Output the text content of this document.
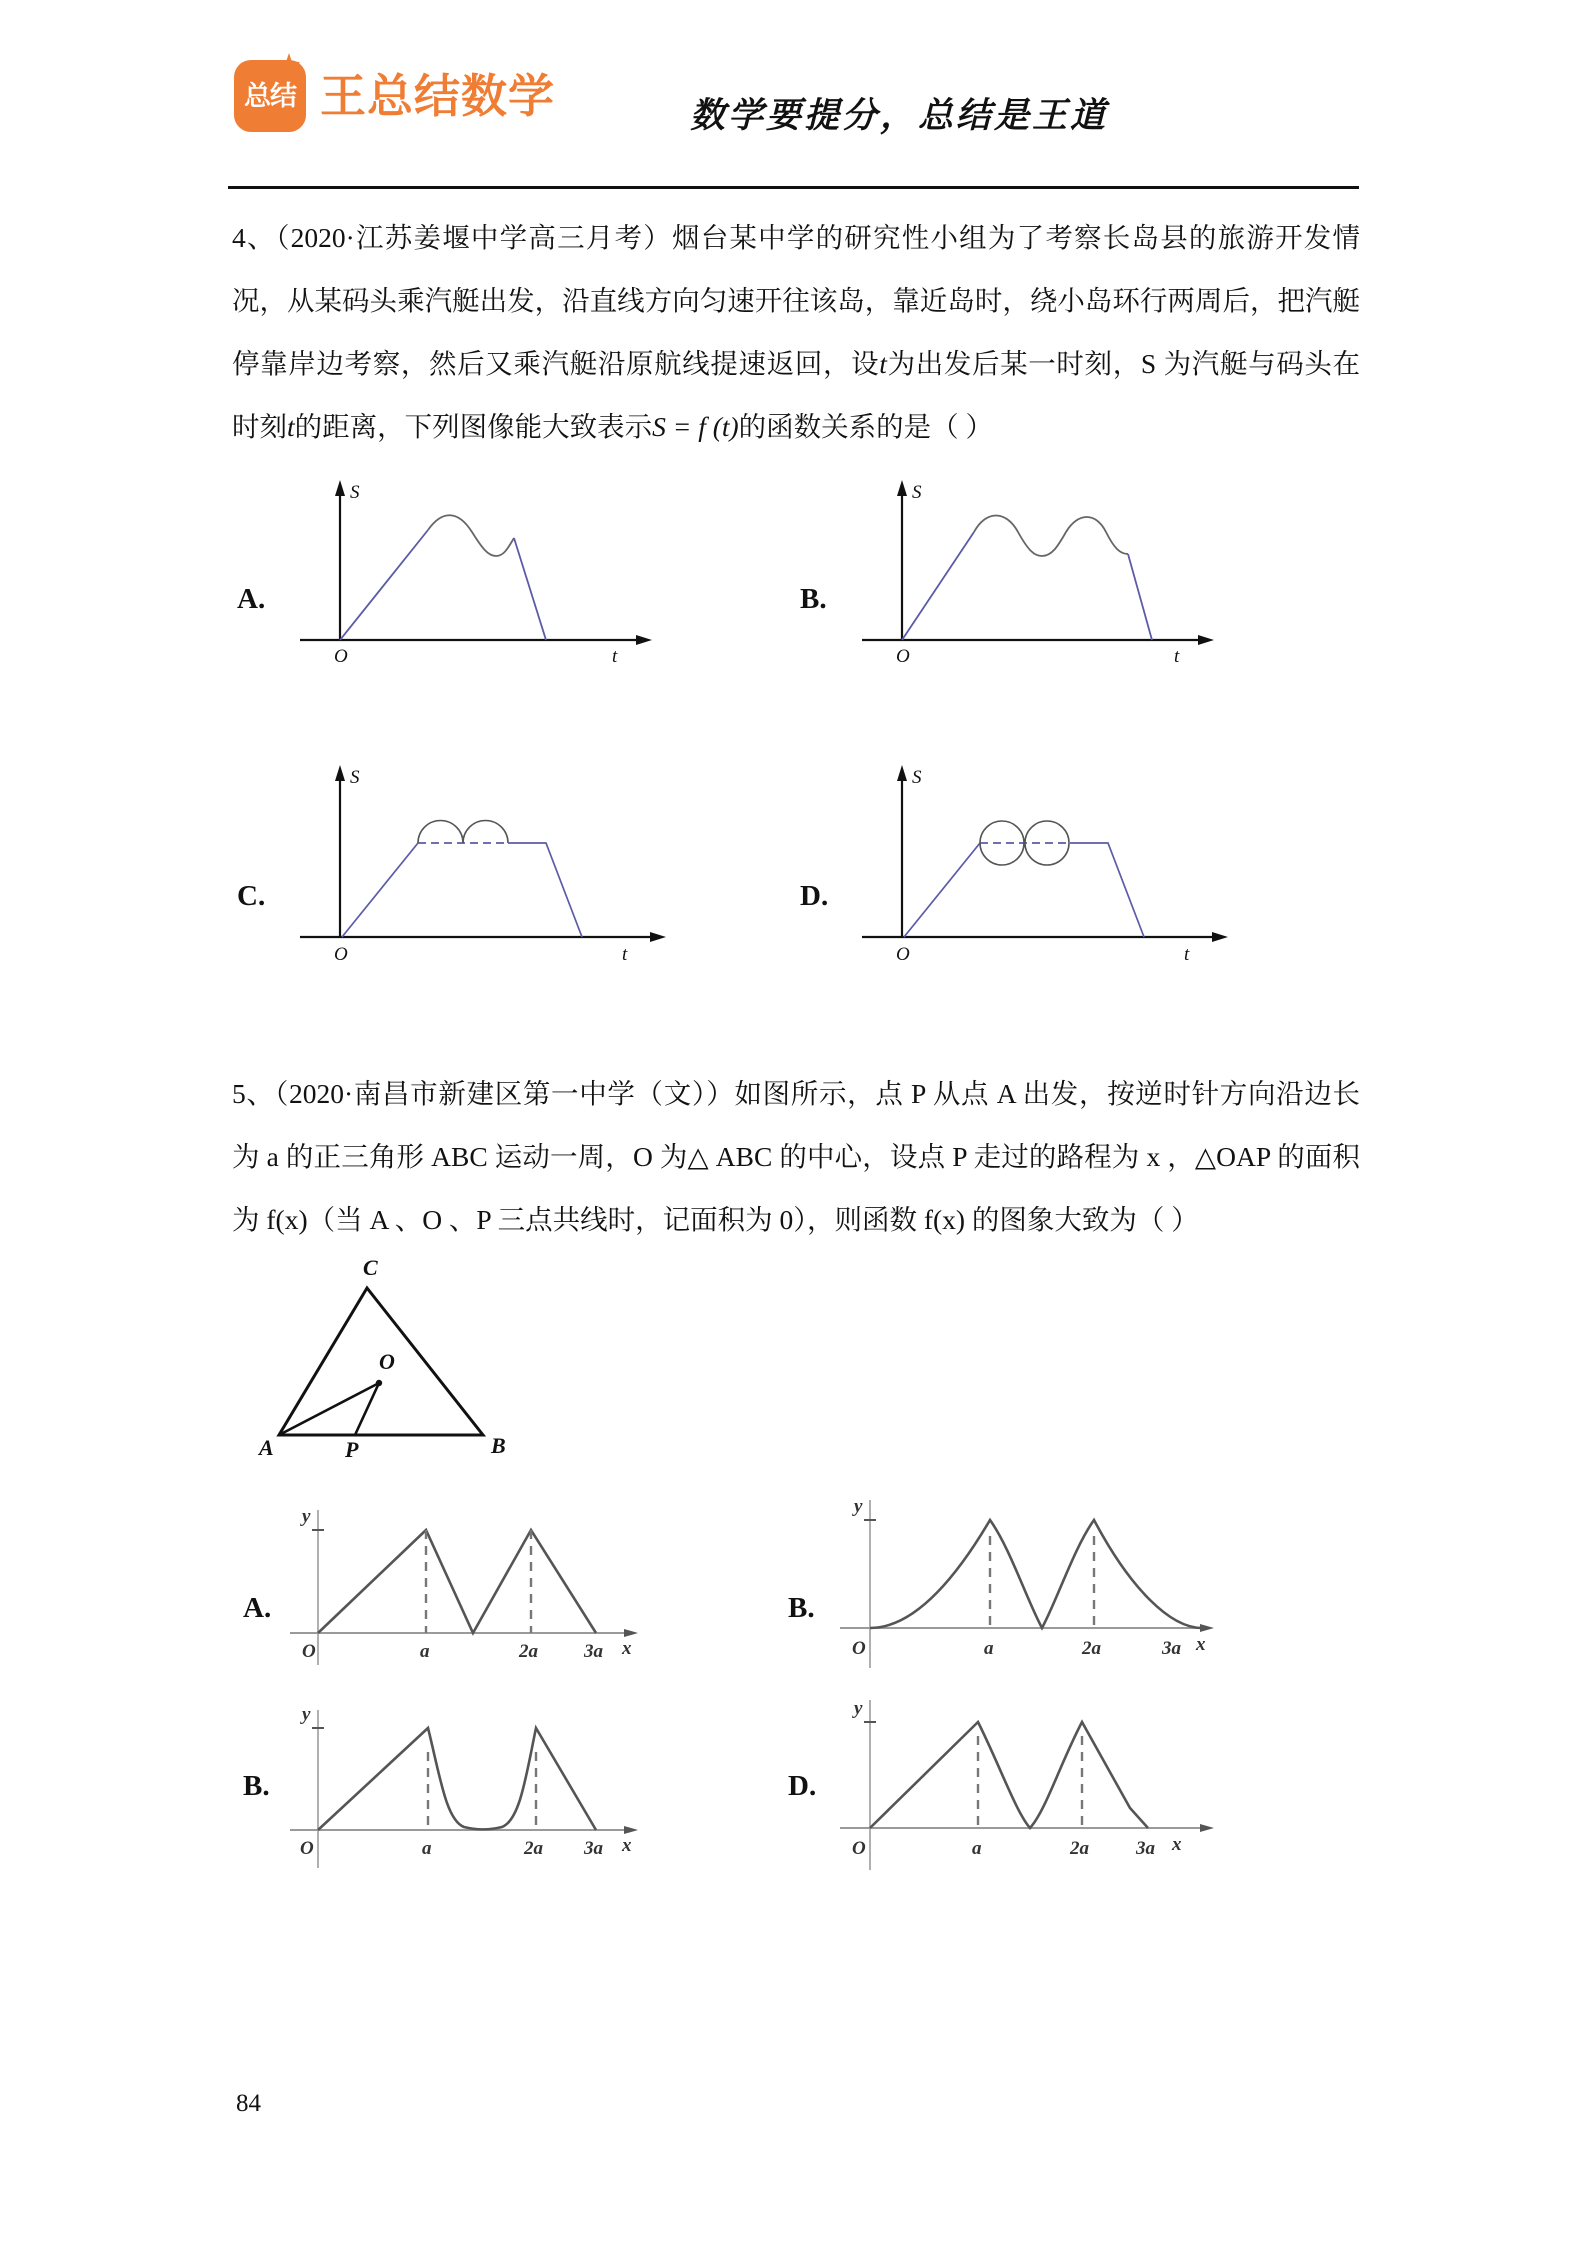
总结 王总结数学	数学要提分，总结是王道
4、（2020·江苏姜堰中学高三月考）烟台某中学的研究性小组为了考察长岛县的旅游开发情况，从某码头乘汽艇出发，沿直线方向匀速开往该岛，靠近岛时，绕小岛环行两周后，把汽艇停靠岸边考察，然后又乘汽艇沿原航线提速返回，设t为出发后某一时刻，S 为汽艇与码头在时刻t的距离，下列图像能大致表示S = f (t)的函数关系的是（ ）
A.
S
O	t
B.
S
O	t
C.
S
O	t
D.
S
O	t
5、（2020·南昌市新建区第一中学（文））如图所示，点 P 从点 A 出发，按逆时针方向沿边长为 a 的正三角形 ABC 运动一周，O 为△ ABC 的中心，设点 P 走过的路程为 x ，△OAP 的面积为 f(x)（当 A 、O 、P 三点共线时，记面积为 0），则函数 f(x) 的图象大致为（ ）
C
A	B
O
P
A.
y
O	a	2a 3a x
B.
y
O	a	2a	3a x
B.
y
O	a	2a 3a x
D.
y
O	a	2a 3a x
84
